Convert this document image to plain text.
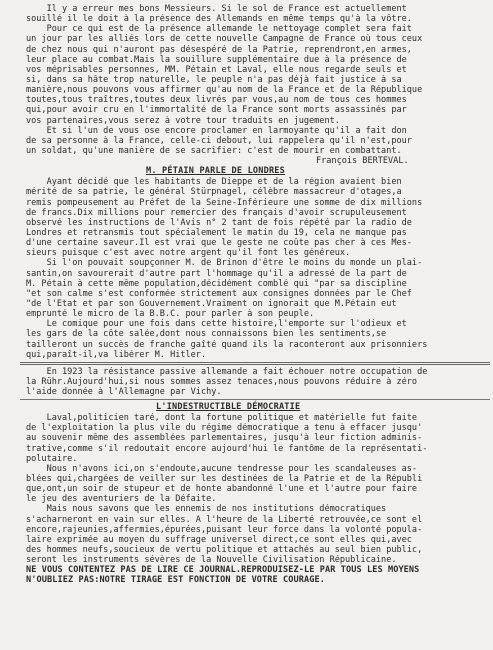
Il y a erreur mes bons Messieurs. Si le sol de France est actuellement
souillé il le doit à la présence des Allemands en même temps qu'à la vôtre.
Pour ce qui est de la présence allemande le nettoyage complet sera fait
un jour par les alliés lors de cette nouvelle Campagne de France où tous ceux
de chez nous qui n'auront pas désespéré de la Patrie, reprendront,en armes,
leur place au combat.Mais la souillure supplémentaire due à la présence de
vos méprisables personnes, MM. Pétain et Laval, elle nous regarde seuls et
si, dans sa hâte trop naturelle, le peuple n'a pas déjà fait justice à sa
manière,nous pouvons vous affirmer qu'au nom de la France et de la République
toutes,tous traîtres,toutes deux livrés par vous,au nom de tous ces hommes
qui,pour avoir cru en l'immortalité de la France sont morts assassinés par
vos partenaires,vous serez à votre tour traduits en jugement.
Et si l'un de vous ose encore proclamer en larmoyante qu'il a fait don
de sa personne à la France, celle-ci debout, lui rappelera qu'il n'est,pour
un soldat, qu'une manière de se sacrifier: c'est de mourir en combattant.
François BERTEVAL.
M. PÉTAIN PARLE DE LONDRES
Ayant décidé que les habitants de Dieppe et de la région avaient bien
mérité de sa patrie, le général Stürpnagel, célèbre massacreur d'otages,a
remis pompeusement au Préfet de la Seine-Inférieure une somme de dix millions
de francs.Dix millions pour remercier des français d'avoir scrupuleusement
observé les instructions de l'Avis n° 2 tant de fois répété par la radio de
Londres et retransmis tout spécialement le matin du 19, cela ne manque pas
d'une certaine saveur.Il est vrai que le geste ne coûte pas cher à ces Mes-
sieurs puisque c'est avec notre argent qu'il font les généreux.
Si l'on pouvait soupçonner M. de Brinon d'être le moins du monde un plai-
santin,on savourerait d'autre part l'hommage qu'il a adressé de la part de
M. Pétain à cette même population,décidément comblé qui "par sa discipline
"et son calme s'est conformée strictement aux consignes données par le Chef
"de l'État et par son Gouvernement.Vraiment on ignorait que M.Pétain eut
emprunté le micro de la B.B.C. pour parler à son peuple.
Le comique pour une fois dans cette histoire,l'emporte sur l'odieux et
les gars de la côte salée,dont nous connaissons bien les sentiments,se
tailleront un succès de franche gaîté quand ils la raconteront aux prisonniers
qui,paraît-il,va libérer M. Hitler.
En 1923 la résistance passive allemande a fait échouer notre occupation de
la Rühr.Aujourd'hui,si nous sommes assez tenaces,nous pouvons réduire à zéro
l'aide donnée à l'Allemagne par Vichy.
L'INDESTRUCTIBLE DÉMOCRATIE
Laval,politicien taré, dont la fortune politique et matérielle fut faite
de l'exploitation la plus vile du régime démocratique a tenu à effacer jusqu'
au souvenir même des assemblées parlementaires, jusqu'à leur fiction adminis-
trative,comme s'il redoutait encore aujourd'hui le fantôme de la représentati-
polutaire.
Nous n'avons ici,on s'endoute,aucune tendresse pour les scandaleuses as-
blées qui,chargées de veiller sur les destinées de la Patrie et de la Républi
que,ont,un soir de stupeur et de honte abandonné l'une et l'autre pour faire
le jeu des aventuriers de la Défaite.
Mais nous savons que les ennemis de nos institutions démocratiques
s'acharneront en vain sur elles. A l'heure de la Liberté retrouvée,ce sont el
encore,rajeunies,affermies,épurées,puisant leur force dans la volonté popula-
laire exprimée au moyen du suffrage universel direct,ce sont elles qui,avec
des hommes neufs,soucieux de vertu politique et attachés au seul bien public,
seront les instruments sévères de la Nouvelle Civilisation Républicaine.
NE VOUS CONTENTEZ PAS DE LIRE CE JOURNAL.REPRODUISEZ-LE PAR TOUS LES MOYENS
N'OUBLIEZ PAS:NOTRE TIRAGE EST FONCTION DE VOTRE COURAGE.
